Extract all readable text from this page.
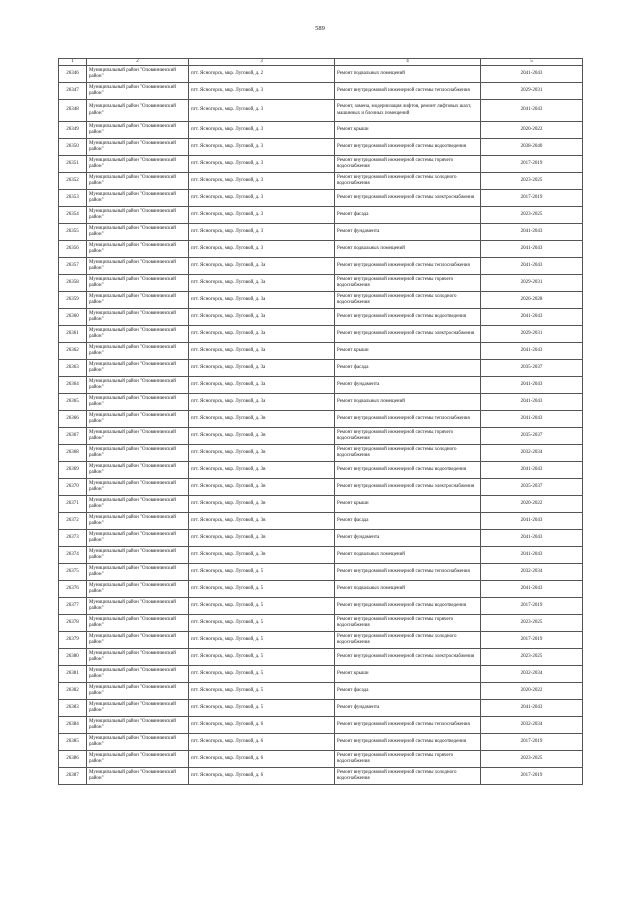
589
1	2	3	4	5
26346	Муниципальный район "Оловяннинский район"	пгт. Ясногорск, мкр. Луговой, д. 2	Ремонт подвальных помещений	2041-2043
26347	Муниципальный район "Оловяннинский район"	пгт. Ясногорск, мкр. Луговой, д. 3	Ремонт внутридомовой инженерной системы теплоснабжения	2029-2031
26348	Муниципальный район "Оловяннинский район"	пгт. Ясногорск, мкр. Луговой, д. 3	Ремонт, замена, модернизация лифтов, ремонт лифтовых шахт, машинных и блочных помещений	2041-2043
26349	Муниципальный район "Оловяннинский район"	пгт. Ясногорск, мкр. Луговой, д. 3	Ремонт крыши	2020-2022
26350	Муниципальный район "Оловяннинский район"	пгт. Ясногорск, мкр. Луговой, д. 3	Ремонт внутридомовой инженерной системы водоотведения	2038-2040
26351	Муниципальный район "Оловяннинский район"	пгт. Ясногорск, мкр. Луговой, д. 3	Ремонт внутридомовой инженерной системы горячего водоснабжения	2017-2019
26352	Муниципальный район "Оловяннинский район"	пгт. Ясногорск, мкр. Луговой, д. 3	Ремонт внутридомовой инженерной системы холодного водоснабжения	2023-2025
26353	Муниципальный район "Оловяннинский район"	пгт. Ясногорск, мкр. Луговой, д. 3	Ремонт внутридомовой инженерной системы электроснабжения	2017-2019
26354	Муниципальный район "Оловяннинский район"	пгт. Ясногорск, мкр. Луговой, д. 3	Ремонт фасада	2023-2025
26355	Муниципальный район "Оловяннинский район"	пгт. Ясногорск, мкр. Луговой, д. 3	Ремонт фундамента	2041-2043
26356	Муниципальный район "Оловяннинский район"	пгт. Ясногорск, мкр. Луговой, д. 3	Ремонт подвальных помещений	2041-2043
26357	Муниципальный район "Оловяннинский район"	пгт. Ясногорск, мкр. Луговой, д. 3а	Ремонт внутридомовой инженерной системы теплоснабжения	2041-2043
26358	Муниципальный район "Оловяннинский район"	пгт. Ясногорск, мкр. Луговой, д. 3а	Ремонт внутридомовой инженерной системы горячего водоснабжения	2029-2031
26359	Муниципальный район "Оловяннинский район"	пгт. Ясногорск, мкр. Луговой, д. 3а	Ремонт внутридомовой инженерной системы холодного водоснабжения	2026-2028
26360	Муниципальный район "Оловяннинский район"	пгт. Ясногорск, мкр. Луговой, д. 3а	Ремонт внутридомовой инженерной системы водоотведения	2041-2043
26361	Муниципальный район "Оловяннинский район"	пгт. Ясногорск, мкр. Луговой, д. 3а	Ремонт внутридомовой инженерной системы электроснабжения	2029-2031
26362	Муниципальный район "Оловяннинский район"	пгт. Ясногорск, мкр. Луговой, д. 3а	Ремонт крыши	2041-2043
26363	Муниципальный район "Оловяннинский район"	пгт. Ясногорск, мкр. Луговой, д. 3а	Ремонт фасада	2035-2037
26364	Муниципальный район "Оловяннинский район"	пгт. Ясногорск, мкр. Луговой, д. 3а	Ремонт фундамента	2041-2043
26365	Муниципальный район "Оловяннинский район"	пгт. Ясногорск, мкр. Луговой, д. 3а	Ремонт подвальных помещений	2041-2043
26366	Муниципальный район "Оловяннинский район"	пгт. Ясногорск, мкр. Луговой, д. 3в	Ремонт внутридомовой инженерной системы теплоснабжения	2041-2043
26367	Муниципальный район "Оловяннинский район"	пгт. Ясногорск, мкр. Луговой, д. 3в	Ремонт внутридомовой инженерной системы горячего водоснабжения	2035-2037
26368	Муниципальный район "Оловяннинский район"	пгт. Ясногорск, мкр. Луговой, д. 3в	Ремонт внутридомовой инженерной системы холодного водоснабжения	2032-2034
26369	Муниципальный район "Оловяннинский район"	пгт. Ясногорск, мкр. Луговой, д. 3в	Ремонт внутридомовой инженерной системы водоотведения	2041-2043
26370	Муниципальный район "Оловяннинский район"	пгт. Ясногорск, мкр. Луговой, д. 3в	Ремонт внутридомовой инженерной системы электроснабжения	2035-2037
26371	Муниципальный район "Оловяннинский район"	пгт. Ясногорск, мкр. Луговой, д. 3в	Ремонт крыши	2020-2022
26372	Муниципальный район "Оловяннинский район"	пгт. Ясногорск, мкр. Луговой, д. 3в	Ремонт фасада	2041-2043
26373	Муниципальный район "Оловяннинский район"	пгт. Ясногорск, мкр. Луговой, д. 3в	Ремонт фундамента	2041-2043
26374	Муниципальный район "Оловяннинский район"	пгт. Ясногорск, мкр. Луговой, д. 3в	Ремонт подвальных помещений	2041-2043
26375	Муниципальный район "Оловяннинский район"	пгт. Ясногорск, мкр. Луговой, д. 5	Ремонт внутридомовой инженерной системы теплоснабжения	2032-2034
26376	Муниципальный район "Оловяннинский район"	пгт. Ясногорск, мкр. Луговой, д. 5	Ремонт подвальных помещений	2041-2043
26377	Муниципальный район "Оловяннинский район"	пгт. Ясногорск, мкр. Луговой, д. 5	Ремонт внутридомовой инженерной системы водоотведения	2017-2019
26378	Муниципальный район "Оловяннинский район"	пгт. Ясногорск, мкр. Луговой, д. 5	Ремонт внутридомовой инженерной системы горячего водоснабжения	2023-2025
26379	Муниципальный район "Оловяннинский район"	пгт. Ясногорск, мкр. Луговой, д. 5	Ремонт внутридомовой инженерной системы холодного водоснабжения	2017-2019
26380	Муниципальный район "Оловяннинский район"	пгт. Ясногорск, мкр. Луговой, д. 5	Ремонт внутридомовой инженерной системы электроснабжения	2023-2025
26381	Муниципальный район "Оловяннинский район"	пгт. Ясногорск, мкр. Луговой, д. 5	Ремонт крыши	2032-2034
26382	Муниципальный район "Оловяннинский район"	пгт. Ясногорск, мкр. Луговой, д. 5	Ремонт фасада	2020-2022
26383	Муниципальный район "Оловяннинский район"	пгт. Ясногорск, мкр. Луговой, д. 5	Ремонт фундамента	2041-2043
26384	Муниципальный район "Оловяннинский район"	пгт. Ясногорск, мкр. Луговой, д. 6	Ремонт внутридомовой инженерной системы теплоснабжения	2032-2034
26385	Муниципальный район "Оловяннинский район"	пгт. Ясногорск, мкр. Луговой, д. 6	Ремонт внутридомовой инженерной системы водоотведения	2017-2019
26386	Муниципальный район "Оловяннинский район"	пгт. Ясногорск, мкр. Луговой, д. 6	Ремонт внутридомовой инженерной системы горячего водоснабжения	2023-2025
26387	Муниципальный район "Оловяннинский район"	пгт. Ясногорск, мкр. Луговой, д. 6	Ремонт внутридомовой инженерной системы холодного водоснабжения	2017-2019
